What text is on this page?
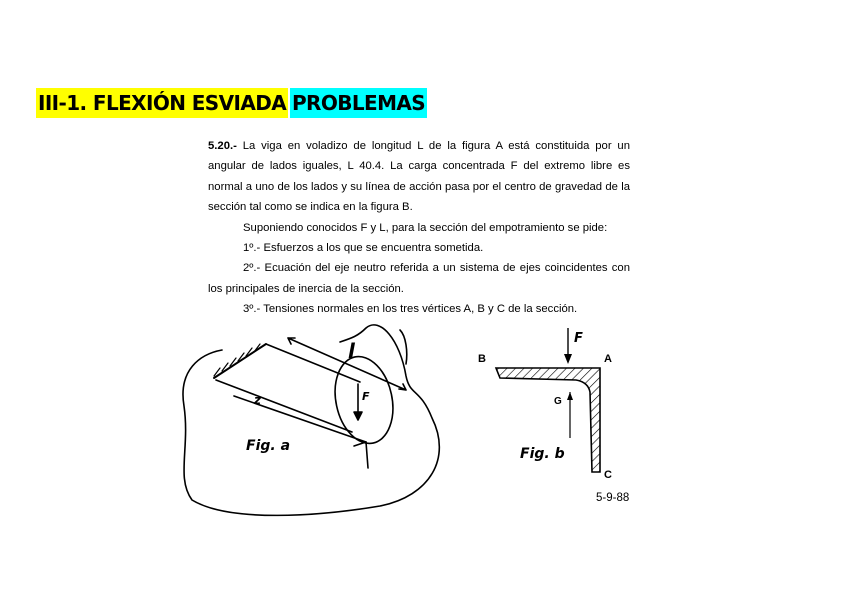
III-1. FLEXIÓN ESVIADA PROBLEMAS

5.20.- La viga en voladizo de longitud L de la figura A está constituida por un angular de lados iguales, L 40.4. La carga concentrada F del extremo libre es normal a uno de los lados y su línea de acción pasa por el centro de gravedad de la sección tal como se indica en la figura B.

Suponiendo conocidos F y L, para la sección del empotramiento se pide:

1º.- Esfuerzos a los que se encuentra sometida.

2º.- Ecuación del eje neutro referida a un sistema de ejes coincidentes con los principales de inercia de la sección.

3º.- Tensiones normales en los tres vértices A, B y C de la sección.

l
F
z
Fig. a
F
G
B	A
C
Fig. b
5-9-88
